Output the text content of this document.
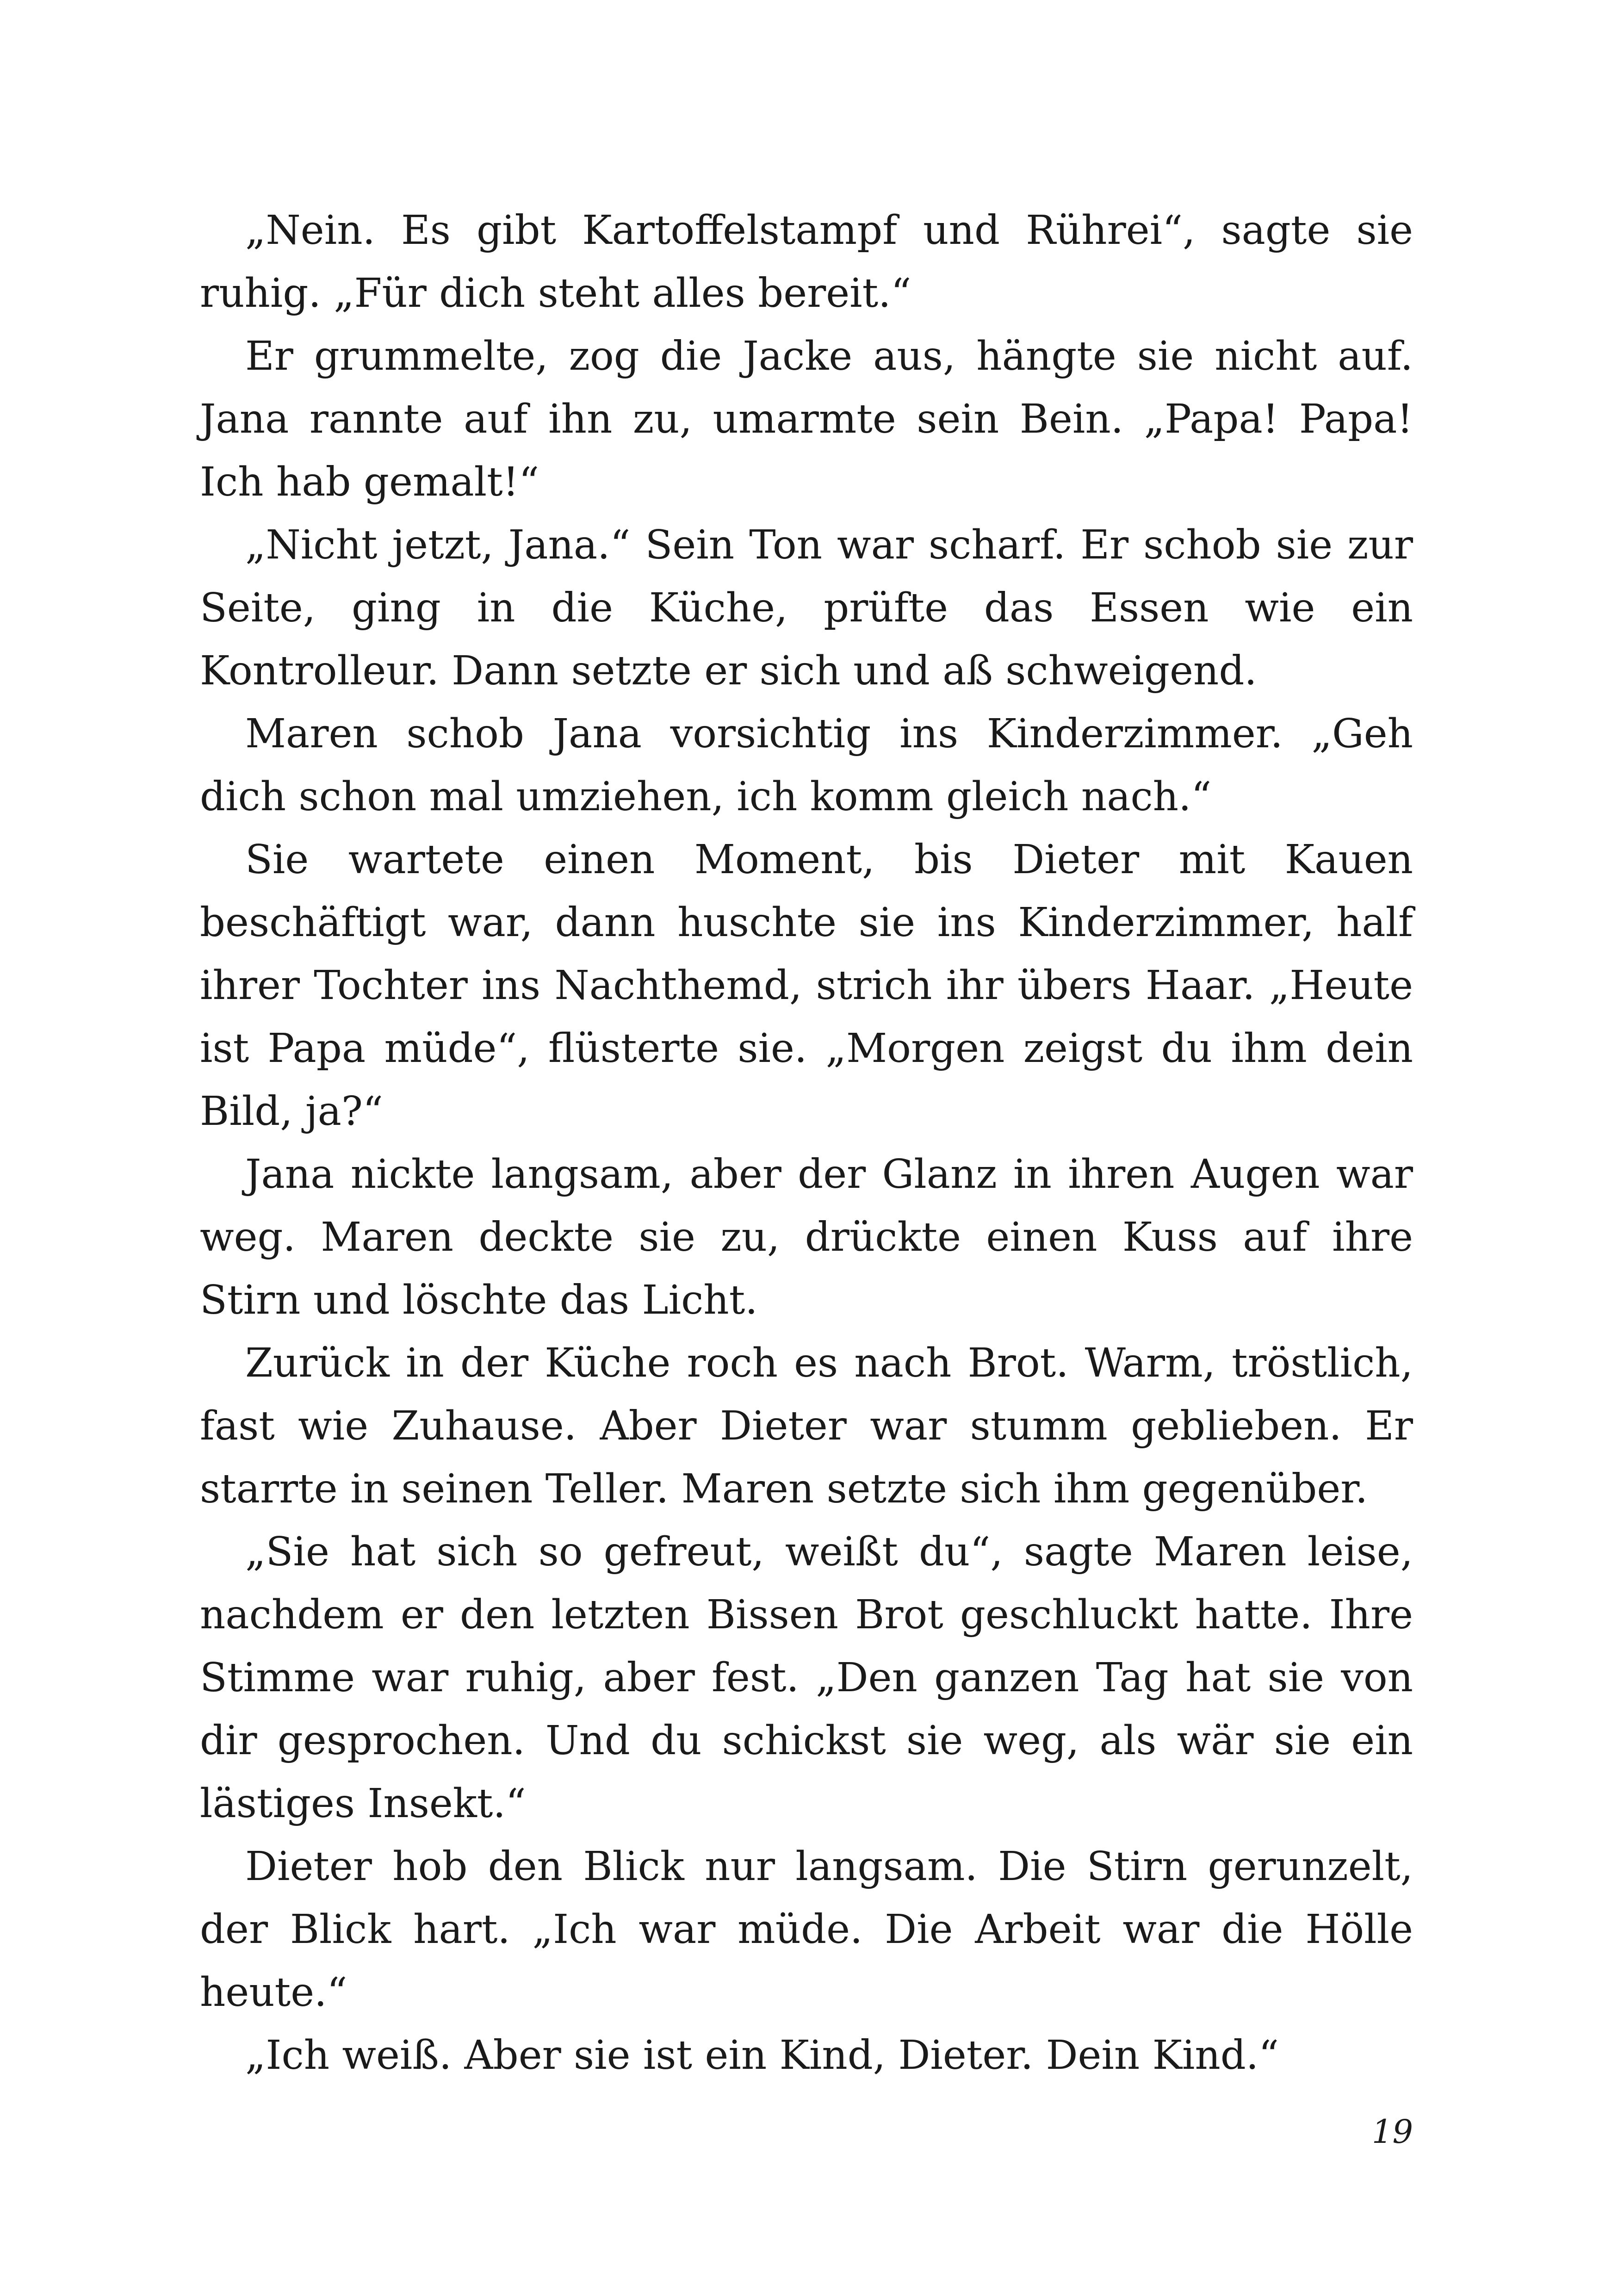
„Nein. Es gibt Kartoffelstampf und Rührei“, sagte sie ruhig. „Für dich steht alles bereit.“

Er grummelte, zog die Jacke aus, hängte sie nicht auf. Jana rannte auf ihn zu, umarmte sein Bein. „Papa! Papa! Ich hab gemalt!“

„Nicht jetzt, Jana.“ Sein Ton war scharf. Er schob sie zur Seite, ging in die Küche, prüfte das Essen wie ein Kontrolleur. Dann setzte er sich und aß schweigend.

Maren schob Jana vorsichtig ins Kinderzimmer. „Geh dich schon mal umziehen, ich komm gleich nach.“

Sie wartete einen Moment, bis Dieter mit Kauen beschäftigt war, dann huschte sie ins Kinderzimmer, half ihrer Tochter ins Nachthemd, strich ihr übers Haar. „Heute ist Papa müde“, flüsterte sie. „Morgen zeigst du ihm dein Bild, ja?“

Jana nickte langsam, aber der Glanz in ihren Augen war weg. Maren deckte sie zu, drückte einen Kuss auf ihre Stirn und löschte das Licht.

Zurück in der Küche roch es nach Brot. Warm, tröstlich, fast wie Zuhause. Aber Dieter war stumm geblieben. Er starrte in seinen Teller. Maren setzte sich ihm gegenüber.

„Sie hat sich so gefreut, weißt du“, sagte Maren leise, nachdem er den letzten Bissen Brot geschluckt hatte. Ihre Stimme war ruhig, aber fest. „Den ganzen Tag hat sie von dir gesprochen. Und du schickst sie weg, als wär sie ein lästiges Insekt.“

Dieter hob den Blick nur langsam. Die Stirn gerunzelt, der Blick hart. „Ich war müde. Die Arbeit war die Hölle heute.“

„Ich weiß. Aber sie ist ein Kind, Dieter. Dein Kind.“

19
